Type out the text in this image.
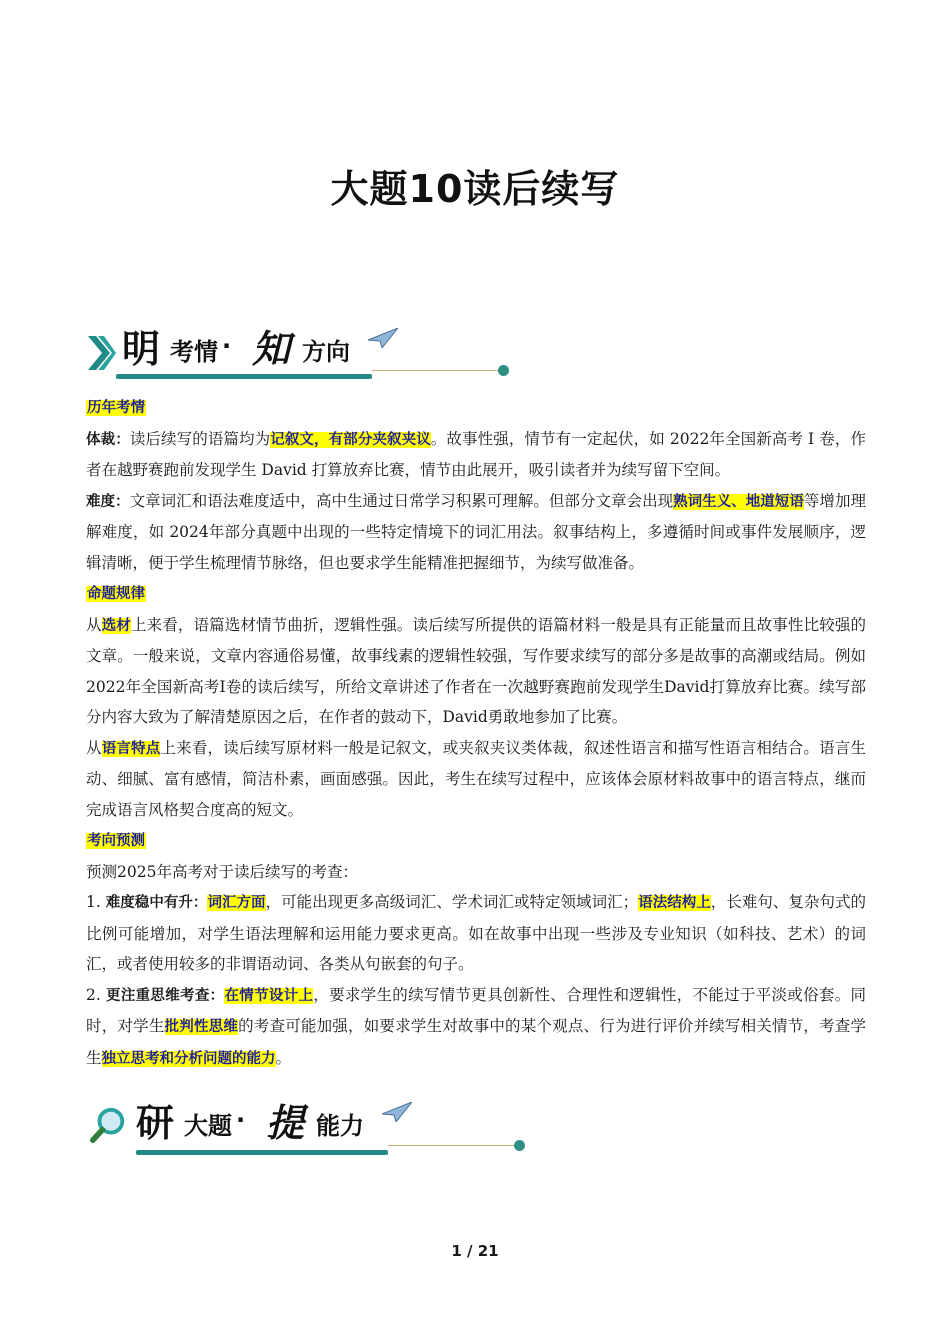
大题10读后续写
明 考情 · 知 方向

历年考情

体裁：读后续写的语篇均为记叙文，有部分夹叙夹议。故事性强，情节有一定起伏，如 2022年全国新高考 Ⅰ 卷，作者在越野赛跑前发现学生 David 打算放弃比赛，情节由此展开，吸引读者并为续写留下空间。

难度：文章词汇和语法难度适中，高中生通过日常学习积累可理解。但部分文章会出现熟词生义、地道短语等增加理解难度，如 2024年部分真题中出现的一些特定情境下的词汇用法。叙事结构上，多遵循时间或事件发展顺序，逻辑清晰，便于学生梳理情节脉络，但也要求学生能精准把握细节，为续写做准备。

命题规律

从选材上来看，语篇选材情节曲折，逻辑性强。读后续写所提供的语篇材料一般是具有正能量而且故事性比较强的文章。一般来说，文章内容通俗易懂，故事线素的逻辑性较强，写作要求续写的部分多是故事的高潮或结局。例如2022年全国新高考I卷的读后续写，所给文章讲述了作者在一次越野赛跑前发现学生David打算放弃比赛。续写部分内容大致为了解清楚原因之后，在作者的鼓动下，David勇敢地参加了比赛。

从语言特点上来看，读后续写原材料一般是记叙文，或夹叙夹议类体裁，叙述性语言和描写性语言相结合。语言生动、细腻、富有感情，简洁朴素，画面感强。因此，考生在续写过程中，应该体会原材料故事中的语言特点，继而完成语言风格契合度高的短文。

考向预测

预测2025年高考对于读后续写的考查：

1. 难度稳中有升：词汇方面，可能出现更多高级词汇、学术词汇或特定领域词汇；语法结构上，长难句、复杂句式的比例可能增加，对学生语法理解和运用能力要求更高。如在故事中出现一些涉及专业知识（如科技、艺术）的词汇，或者使用较多的非谓语动词、各类从句嵌套的句子。

2. 更注重思维考查：在情节设计上，要求学生的续写情节更具创新性、合理性和逻辑性，不能过于平淡或俗套。同时，对学生批判性思维的考查可能加强，如要求学生对故事中的某个观点、行为进行评价并续写相关情节，考查学生独立思考和分析问题的能力。

研 大题 · 提 能力
1 / 21
